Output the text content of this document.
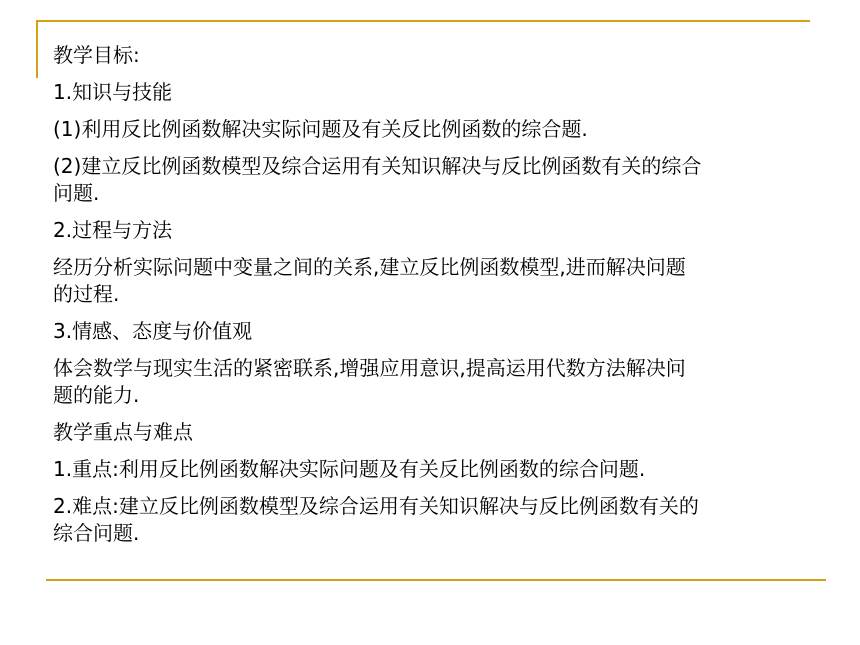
教学目标:
1.知识与技能
(1)利用反比例函数解决实际问题及有关反比例函数的综合题.
(2)建立反比例函数模型及综合运用有关知识解决与反比例函数有关的综合
问题.
2.过程与方法
经历分析实际问题中变量之间的关系,建立反比例函数模型,进而解决问题
的过程.
3.情感、态度与价值观
体会数学与现实生活的紧密联系,增强应用意识,提高运用代数方法解决问
题的能力.
教学重点与难点
1.重点:利用反比例函数解决实际问题及有关反比例函数的综合问题.
2.难点:建立反比例函数模型及综合运用有关知识解决与反比例函数有关的
综合问题.
